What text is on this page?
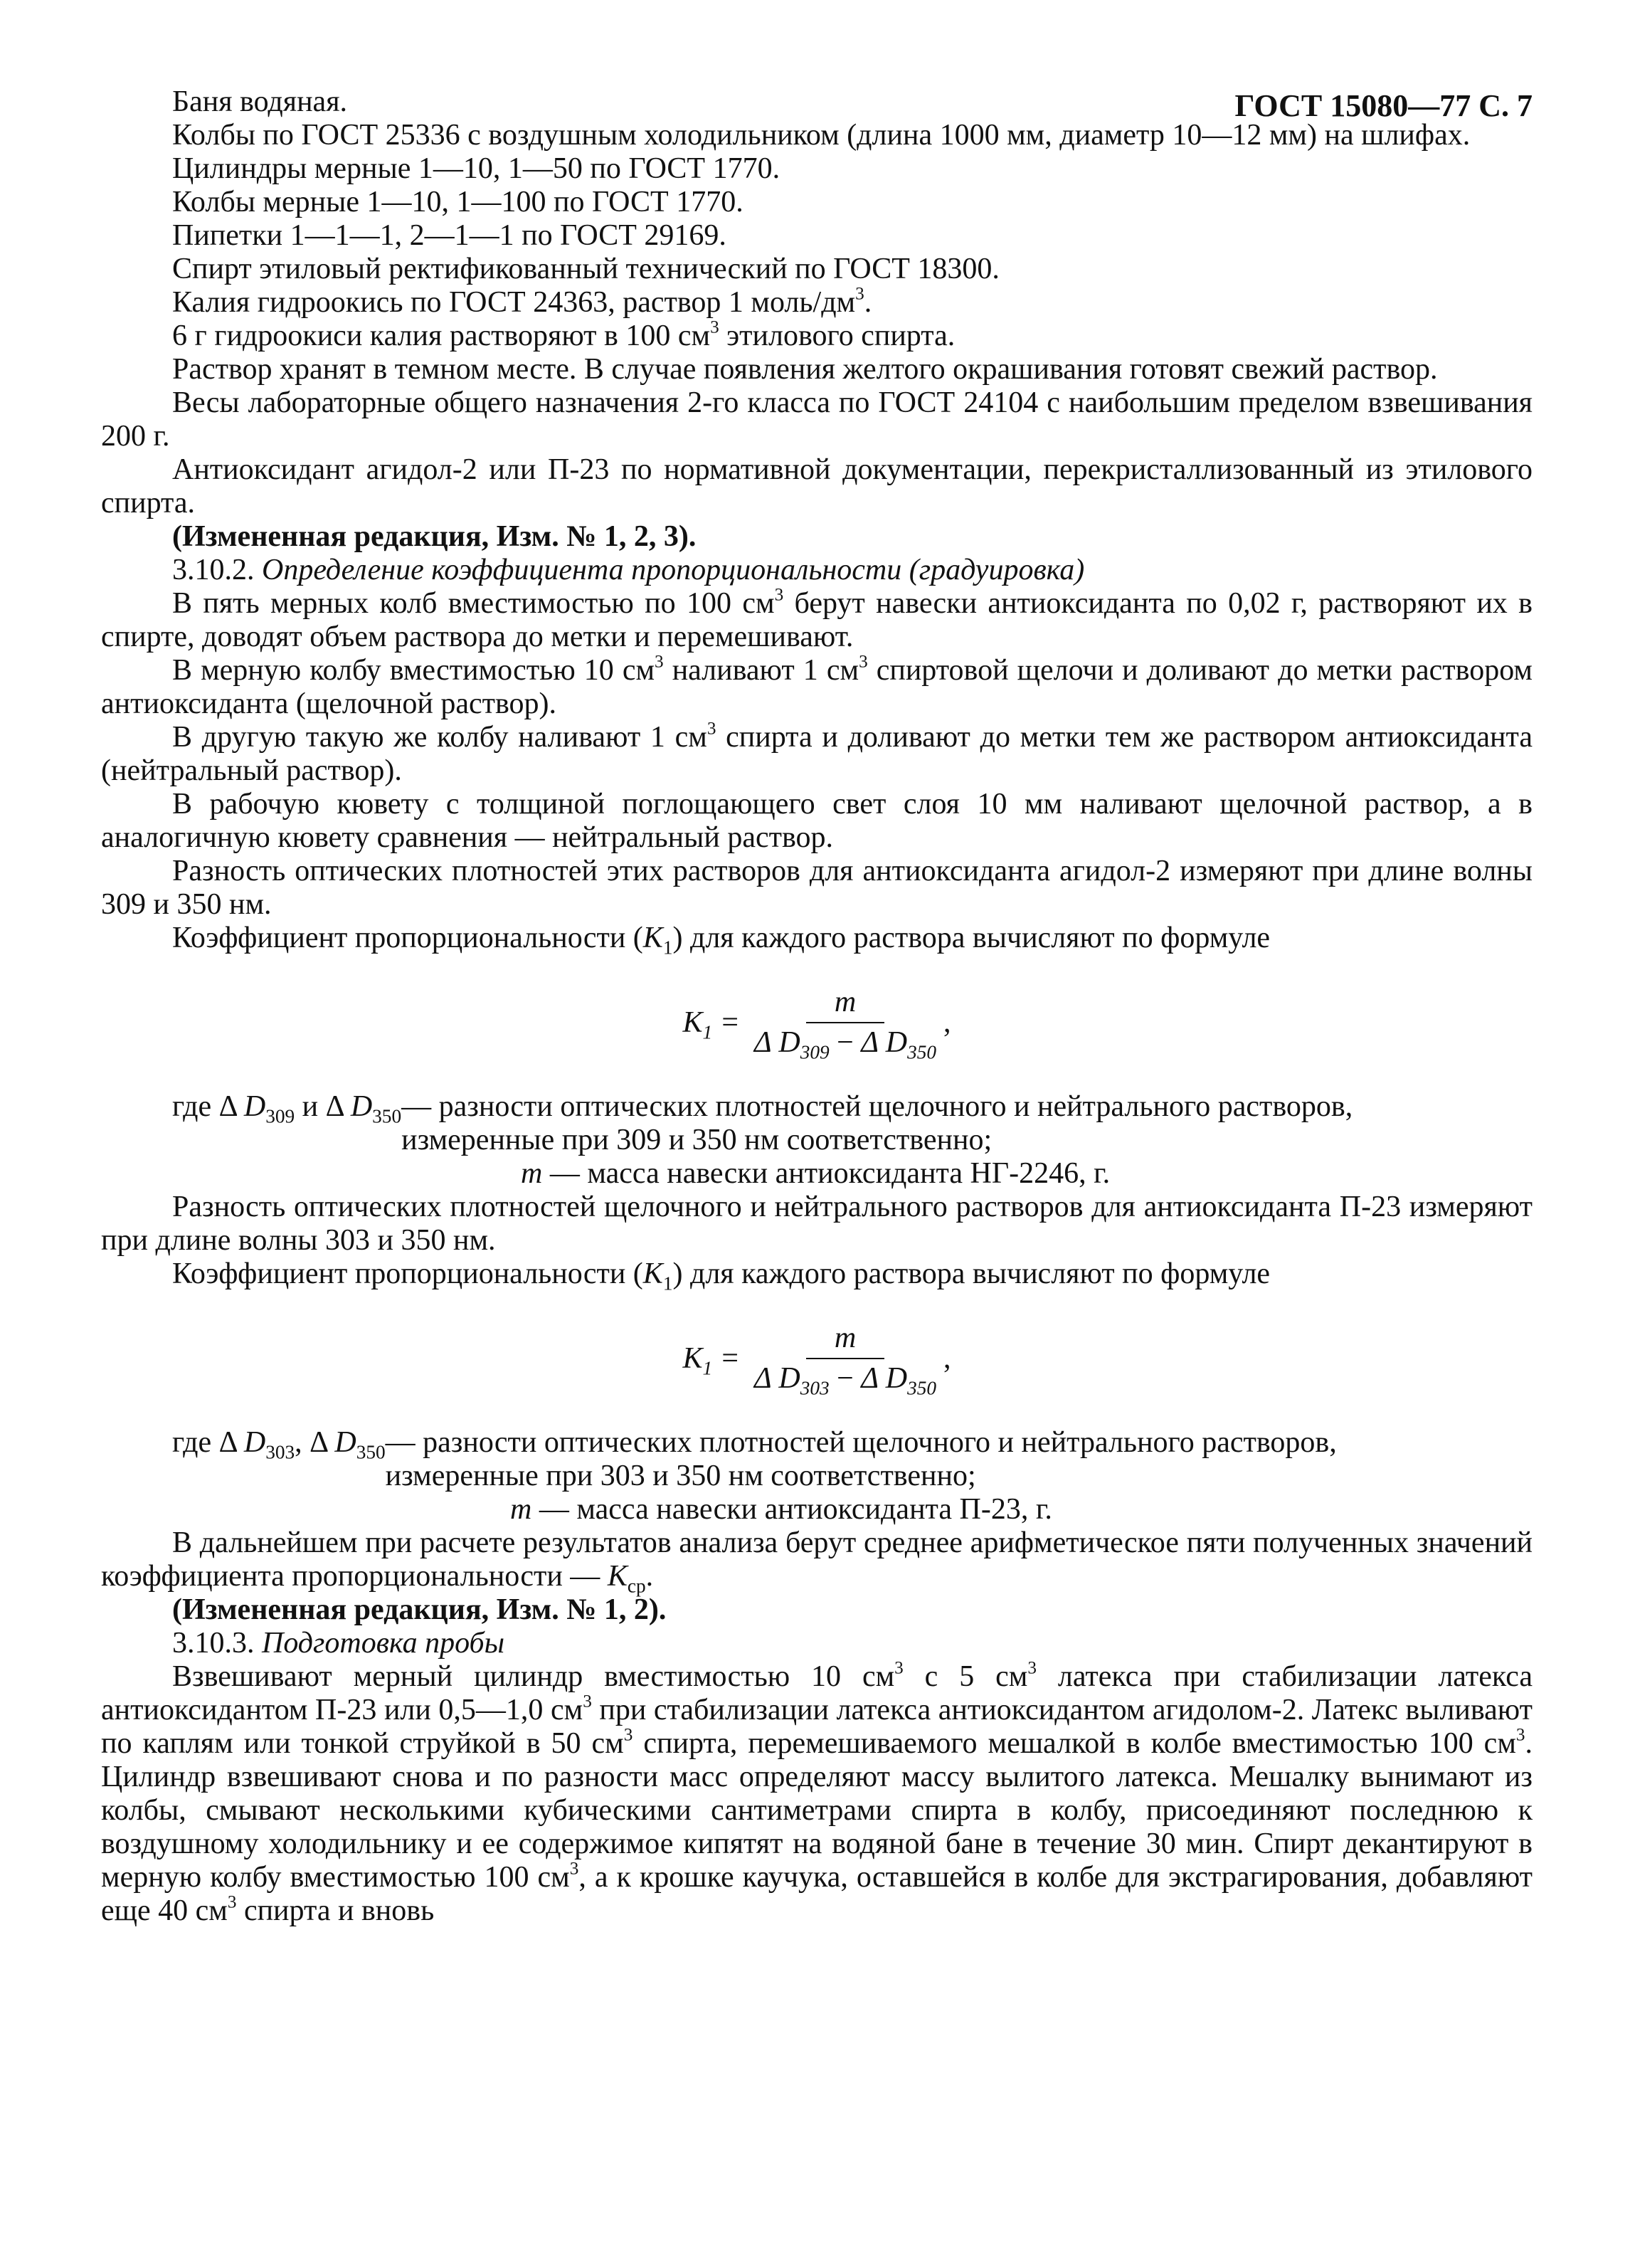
ГОСТ 15080—77 С. 7

Баня водяная.

Колбы по ГОСТ 25336 с воздушным холодильником (длина 1000 мм, диаметр 10—12 мм) на шлифах.

Цилиндры мерные 1—10, 1—50 по ГОСТ 1770.

Колбы мерные 1—10, 1—100 по ГОСТ 1770.

Пипетки 1—1—1, 2—1—1 по ГОСТ 29169.

Спирт этиловый ректификованный технический по ГОСТ 18300.

Калия гидроокись по ГОСТ 24363, раствор 1 моль/$дм^3$.

6 г гидроокиси калия растворяют в 100 $см^3$ этилового спирта.

Раствор хранят в темном месте. В случае появления желтого окрашивания готовят свежий раствор.

Весы лабораторные общего назначения 2-го класса по ГОСТ 24104 с наибольшим пределом взвешивания 200 г.

Антиоксидант агидол-2 или П-23 по нормативной документации, перекристаллизованный из этилового спирта.

(Измененная редакция, Изм. № 1, 2, 3).

3.10.2. Определение коэффициента пропорциональности (градуировка)

В пять мерных колб вместимостью по 100 $см^3$ берут навески антиоксиданта по 0,02 г, растворяют их в спирте, доводят объем раствора до метки и перемешивают.

В мерную колбу вместимостью 10 $см^3$ наливают 1 $см^3$ спиртовой щелочи и доливают до метки раствором антиоксиданта (щелочной раствор).

В другую такую же колбу наливают 1 $см^3$ спирта и доливают до метки тем же раствором антиоксиданта (нейтральный раствор).

В рабочую кювету с толщиной поглощающего свет слоя 10 мм наливают щелочной раствор, а в аналогичную кювету сравнения — нейтральный раствор.

Разность оптических плотностей этих растворов для антиоксиданта агидол-2 измеряют при длине волны 309 и 350 нм.

Коэффициент пропорциональности $(K_1)$ для каждого раствора вычисляют по формуле

$K_1 = \frac{m}{\Delta D_{309} - \Delta D_{350}}$ ,
где Δ $D_{309}$ и Δ $D_{350}$ — разности оптических плотностей щелочного и нейтрального растворов,

измеренные при 309 и 350 нм соответственно;

m — масса навески антиоксиданта НГ-2246, г.

Разность оптических плотностей щелочного и нейтрального растворов для антиоксиданта П-23 измеряют при длине волны 303 и 350 нм.

Коэффициент пропорциональности $(K_1)$ для каждого раствора вычисляют по формуле

$K_1 = \frac{m}{\Delta D_{303} - \Delta D_{350}}$ ,
где Δ $D_{303}$, Δ $D_{350}$ — разности оптических плотностей щелочного и нейтрального растворов,

измеренные при 303 и 350 нм соответственно;

m — масса навески антиоксиданта П-23, г.

В дальнейшем при расчете результатов анализа берут среднее арифметическое пяти полученных значений коэффициента пропорциональности — $K_{ср}$.

(Измененная редакция, Изм. № 1, 2).

3.10.3. Подготовка пробы

Взвешивают мерный цилиндр вместимостью 10 $см^3$ с 5 $см^3$ латекса при стабилизации латекса антиоксидантом П-23 или 0,5—1,0 $см^3$ при стабилизации латекса антиоксидантом агидолом-2. Латекс выливают по каплям или тонкой струйкой в 50 $см^3$ спирта, перемешиваемого мешалкой в колбе вместимостью 100 $см^3$. Цилиндр взвешивают снова и по разности масс определяют массу вылитого латекса. Мешалку вынимают из колбы, смывают несколькими кубическими сантиметрами спирта в колбу, присоединяют последнюю к воздушному холодильнику и ее содержимое кипятят на водяной бане в течение 30 мин. Спирт декантируют в мерную колбу вместимостью 100 $см^3$, а к крошке каучука, оставшейся в колбе для экстрагирования, добавляют еще 40 $см^3$ спирта и вновь
